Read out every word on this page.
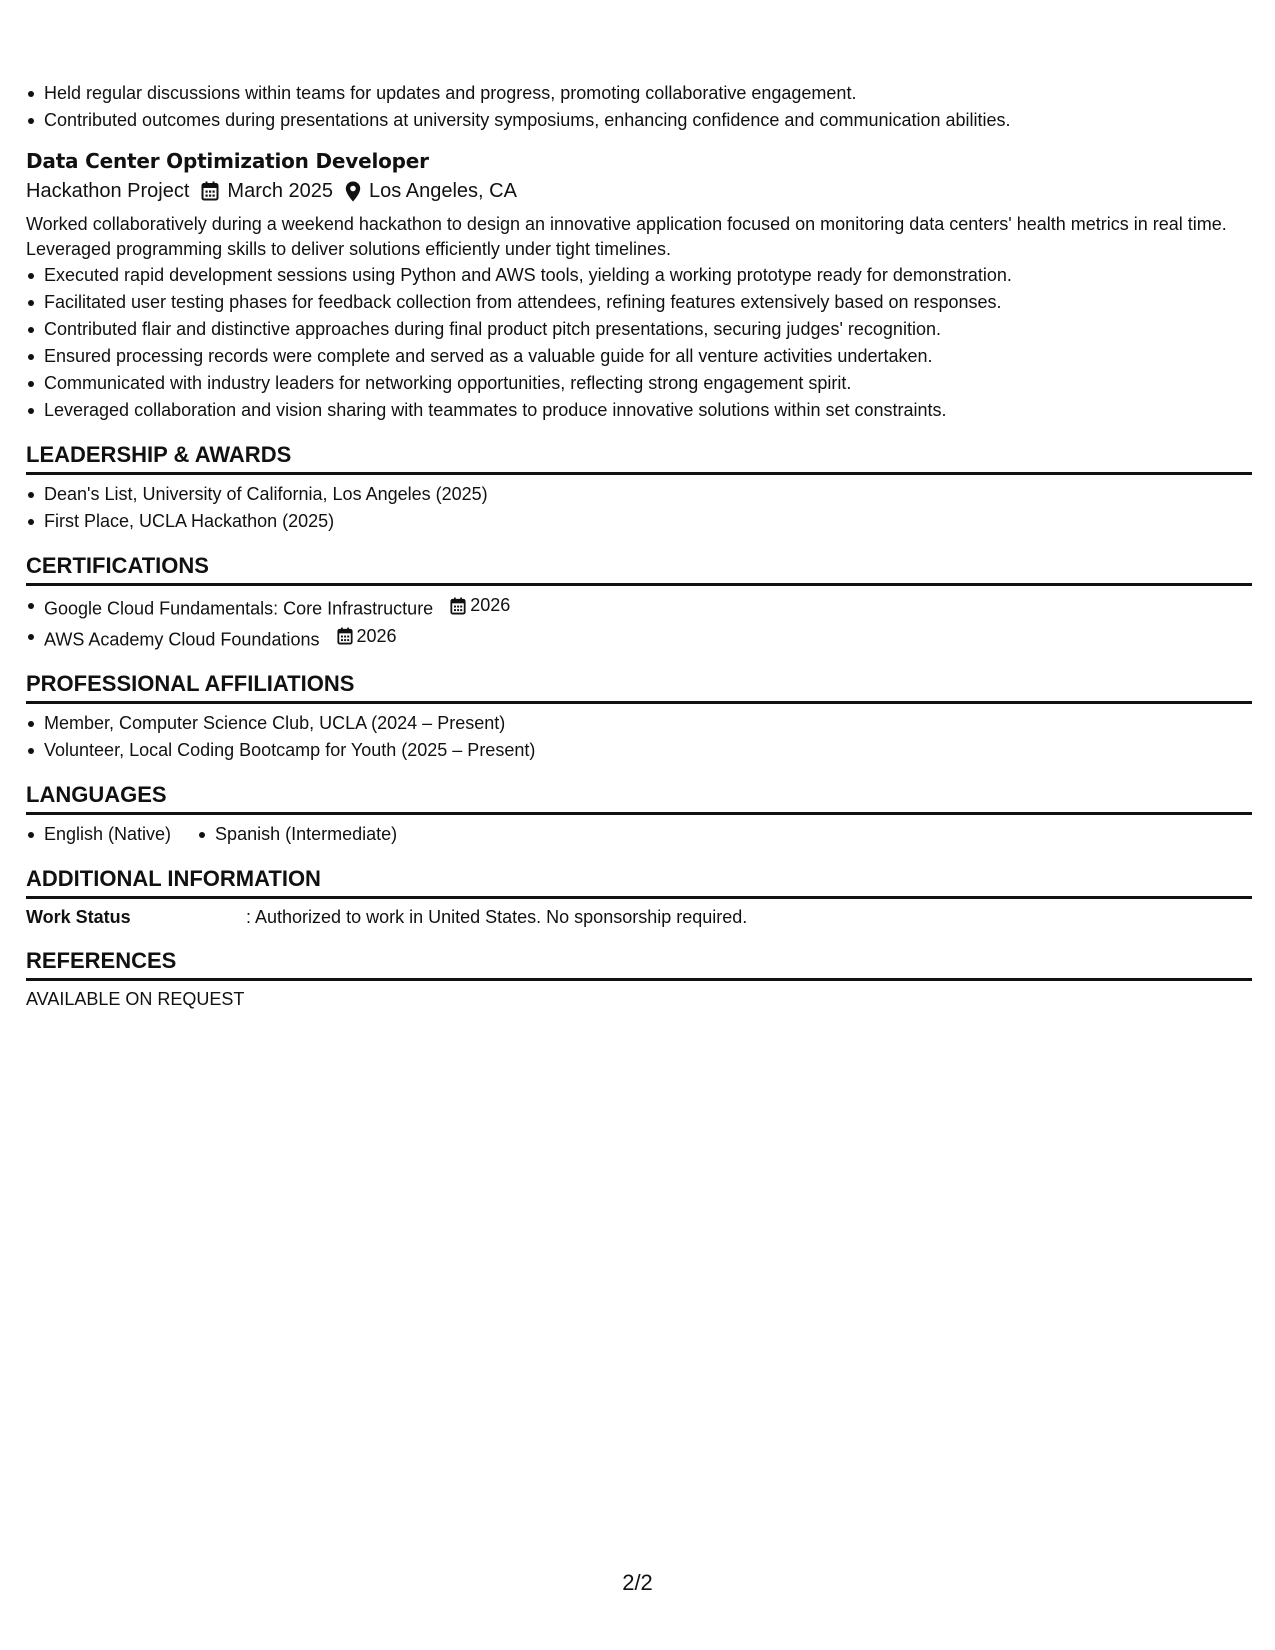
Held regular discussions within teams for updates and progress, promoting collaborative engagement.
Contributed outcomes during presentations at university symposiums, enhancing confidence and communication abilities.
Data Center Optimization Developer
Hackathon Project March 2025 Los Angeles, CA
Worked collaboratively during a weekend hackathon to design an innovative application focused on monitoring data centers' health metrics in real time. Leveraged programming skills to deliver solutions efficiently under tight timelines.
Executed rapid development sessions using Python and AWS tools, yielding a working prototype ready for demonstration.
Facilitated user testing phases for feedback collection from attendees, refining features extensively based on responses.
Contributed flair and distinctive approaches during final product pitch presentations, securing judges' recognition.
Ensured processing records were complete and served as a valuable guide for all venture activities undertaken.
Communicated with industry leaders for networking opportunities, reflecting strong engagement spirit.
Leveraged collaboration and vision sharing with teammates to produce innovative solutions within set constraints.
LEADERSHIP & AWARDS
Dean's List, University of California, Los Angeles (2025)
First Place, UCLA Hackathon (2025)
CERTIFICATIONS
Google Cloud Fundamentals: Core Infrastructure 2026
AWS Academy Cloud Foundations 2026
PROFESSIONAL AFFILIATIONS
Member, Computer Science Club, UCLA (2024 – Present)
Volunteer, Local Coding Bootcamp for Youth (2025 – Present)
LANGUAGES
English (Native) Spanish (Intermediate)
ADDITIONAL INFORMATION
Work Status	: Authorized to work in United States. No sponsorship required.
REFERENCES
AVAILABLE ON REQUEST
2/2
